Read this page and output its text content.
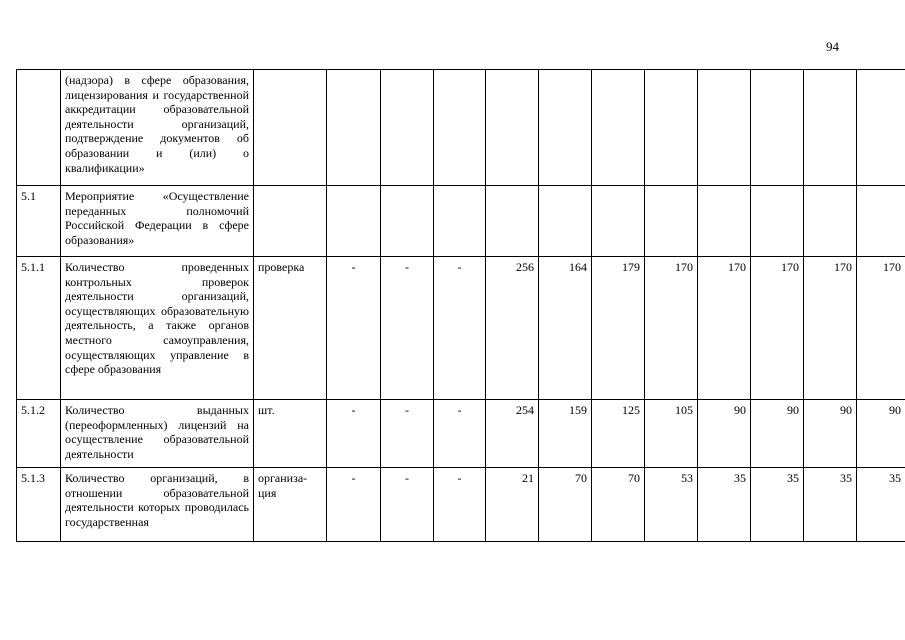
94
	(надзора) в сфере образования, лицензирования и государственной аккредитации образовательной деятельности организаций, подтверждение документов об образовании и (или) о квалификации»												
5.1	Мероприятие «Осуществление переданных полномочий Российской Федерации в сфере образования»												
5.1.1	Количество проведенных контрольных проверок деятельности организаций, осуществляющих образовательную деятельность, а также органов местного самоуправления, осуществляющих управление в сфере образования	проверка	-	-	-	256	164	179	170	170	170	170	170
5.1.2	Количество выданных (переоформленных) лицензий на осуществление образовательной деятельности	шт.	-	-	-	254	159	125	105	90	90	90	90
5.1.3	Количество организаций, в отношении образовательной деятельности которых проводилась государственная	организа-ция	-	-	-	21	70	70	53	35	35	35	35
